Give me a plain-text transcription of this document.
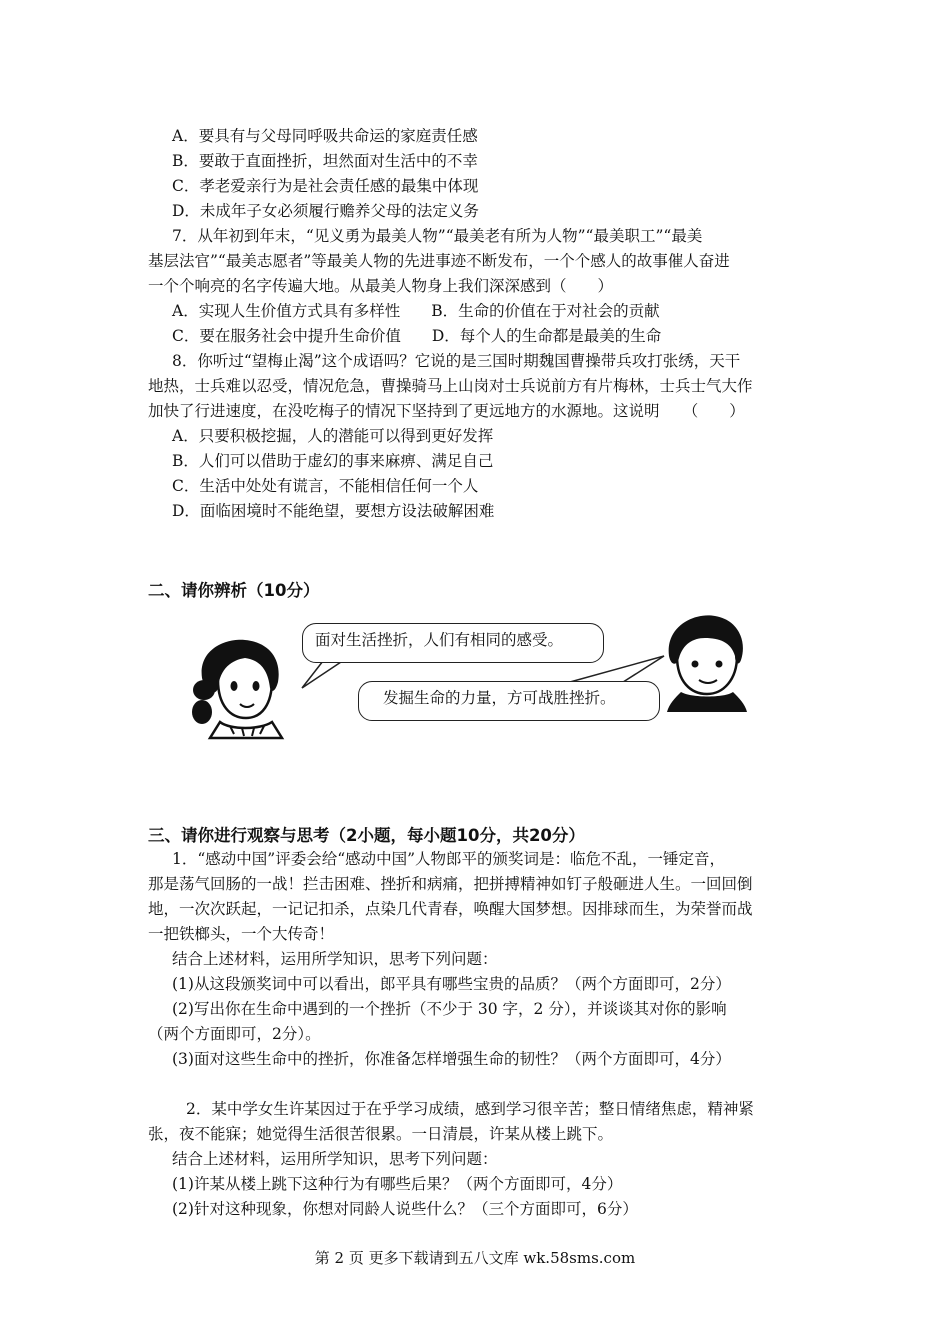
A．要具有与父母同呼吸共命运的家庭责任感
B．要敢于直面挫折，坦然面对生活中的不幸
C．孝老爱亲行为是社会责任感的最集中体现
D．未成年子女必须履行赡养父母的法定义务
7．从年初到年末，“见义勇为最美人物”“最美老有所为人物”“最美职工”“最美
基层法官”“最美志愿者”等最美人物的先进事迹不断发布，一个个感人的故事催人奋进
一个个响亮的名字传遍大地。从最美人物身上我们深深感到（　　）
A．实现人生价值方式具有多样性　　B．生命的价值在于对社会的贡献
C．要在服务社会中提升生命价值　　D．每个人的生命都是最美的生命
8．你听过“望梅止渴”这个成语吗？它说的是三国时期魏国曹操带兵攻打张绣，天干
地热，士兵难以忍受，情况危急，曹操骑马上山岗对士兵说前方有片梅林，士兵士气大作
加快了行进速度，在没吃梅子的情况下坚持到了更远地方的水源地。这说明　　（　　）
A．只要积极挖掘，人的潜能可以得到更好发挥
B．人们可以借助于虚幻的事来麻痹、满足自己
C．生活中处处有谎言，不能相信任何一个人
D．面临困境时不能绝望，要想方设法破解困难
二、请你辨析（10分）
面对生活挫折，人们有相同的感受。
发掘生命的力量，方可战胜挫折。
三、请你进行观察与思考（2小题，每小题10分，共20分）
1．“感动中国”评委会给“感动中国”人物郎平的颁奖词是：临危不乱，一锤定音，
那是荡气回肠的一战！拦击困难、挫折和病痛，把拼搏精神如钉子般砸进人生。一回回倒
地，一次次跃起，一记记扣杀，点染几代青春，唤醒大国梦想。因排球而生，为荣誉而战
一把铁榔头，一个大传奇！
结合上述材料，运用所学知识，思考下列问题：
(1)从这段颁奖词中可以看出，郎平具有哪些宝贵的品质？（两个方面即可，2分）
(2)写出你在生命中遇到的一个挫折（不少于 30 字，2 分），并谈谈其对你的影响
（两个方面即可，2分）。
(3)面对这些生命中的挫折，你准备怎样增强生命的韧性？（两个方面即可，4分）
2．某中学女生许某因过于在乎学习成绩，感到学习很辛苦；整日情绪焦虑，精神紧
张，夜不能寐；她觉得生活很苦很累。一日清晨，许某从楼上跳下。
结合上述材料，运用所学知识，思考下列问题：
(1)许某从楼上跳下这种行为有哪些后果？（两个方面即可，4分）
(2)针对这种现象，你想对同龄人说些什么？（三个方面即可，6分）
第 2 页 更多下载请到五八文库 wk.58sms.com
